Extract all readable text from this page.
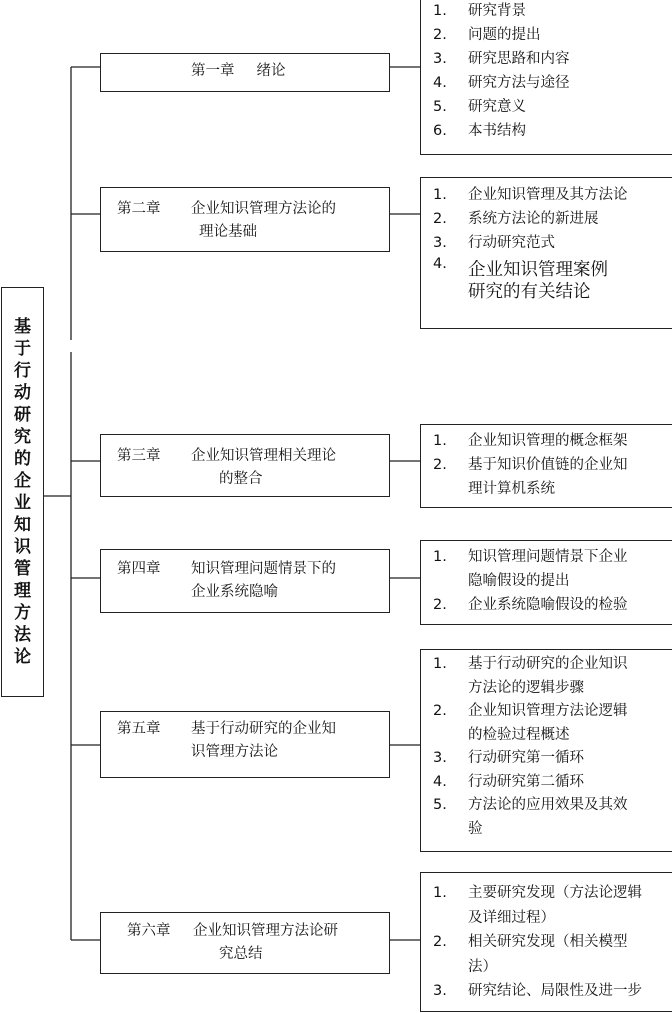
基
于
行
动
研
究
的
企
业
知
识
管
理
方
法
论
第一章 绪论
第二章 企业知识管理方法论的
理论基础
第三章 企业知识管理相关理论
的整合
第四章 知识管理问题情景下的
企业系统隐喻
第五章 基于行动研究的企业知
识管理方法论
第六章 企业知识管理方法论研
究总结
1. 研究背景
2. 问题的提出
3. 研究思路和内容
4. 研究方法与途径
5. 研究意义
6. 本书结构
1. 企业知识管理及其方法论
2. 系统方法论的新进展
3. 行动研究范式
4. 企业知识管理案例
研究的有关结论
1. 企业知识管理的概念框架
2. 基于知识价值链的企业知
理计算机系统
1. 知识管理问题情景下企业
隐喻假设的提出
2. 企业系统隐喻假设的检验
1. 基于行动研究的企业知识
方法论的逻辑步骤
2. 企业知识管理方法论逻辑
的检验过程概述
3. 行动研究第一循环
4. 行动研究第二循环
5. 方法论的应用效果及其效
验
1. 主要研究发现（方法论逻辑
及详细过程）
2. 相关研究发现（相关模型
法）
3. 研究结论、局限性及进一步
